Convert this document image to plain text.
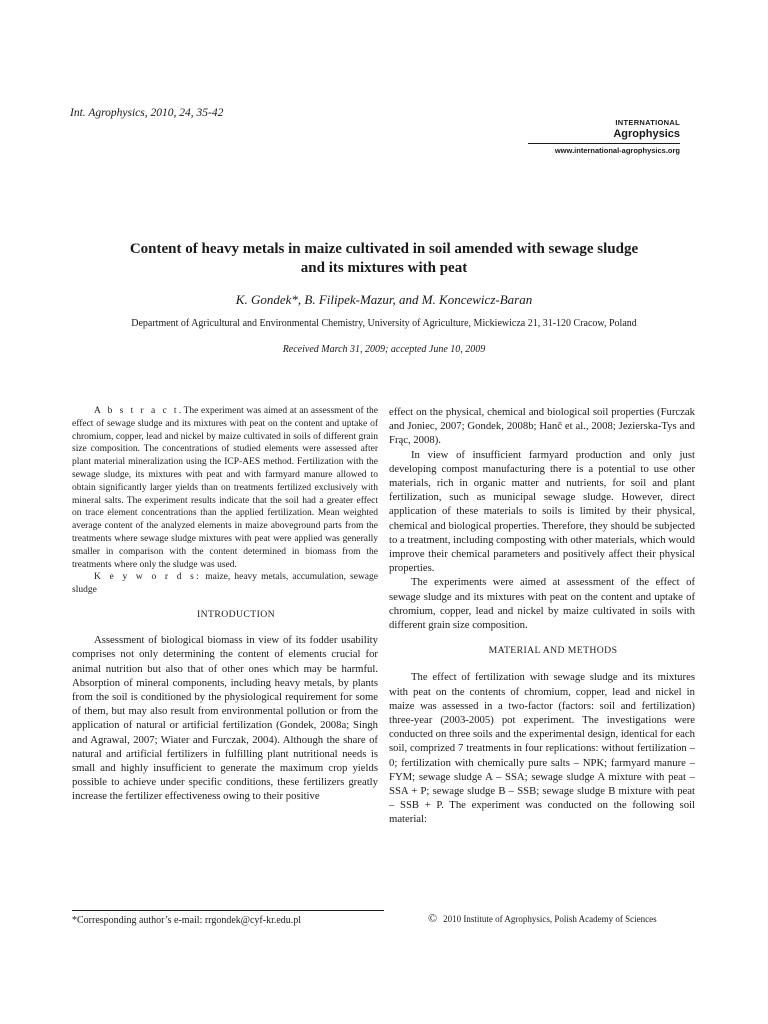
Int. Agrophysics, 2010, 24, 35-42
INTERNATIONAL
Agrophysics
www.international-agrophysics.org
Content of heavy metals in maize cultivated in soil amended with sewage sludge
and its mixtures with peat
K. Gondek*, B. Filipek-Mazur, and M. Koncewicz-Baran
Department of Agricultural and Environmental Chemistry, University of Agriculture, Mickiewicza 21, 31-120 Cracow, Poland
Received March 31, 2009; accepted June 10, 2009

A b s t r a c t.The experiment was aimed at an assessment of the effect of sewage sludge and its mixtures with peat on the content and uptake of chromium, copper, lead and nickel by maize cultivated in soils of different grain size composition. The concentrations of studied elements were assessed after plant material mineralization using the ICP-AES method. Fertilization with the sewage sludge, its mixtures with peat and with farmyard manure allowed to obtain significantly larger yields than on treatments fertilized exclusively with mineral salts. The experiment results indicate that the soil had a greater effect on trace element concentrations than the applied fertilization. Mean weighted average content of the analyzed elements in maize aboveground parts from the treatments where sewage sludge mixtures with peat were applied was generally smaller in comparison with the content determined in biomass from the treatments where only the sludge was used.

K e y w o r d s: maize, heavy metals, accumulation, sewage sludge

INTRODUCTION

Assessment of biological biomass in view of its fodder usability comprises not only determining the content of elements crucial for animal nutrition but also that of other ones which may be harmful. Absorption of mineral components, including heavy metals, by plants from the soil is conditioned by the physiological requirement for some of them, but may also result from environmental pollution or from the application of natural or artificial fertilization (Gondek, 2008a; Singh and Agrawal, 2007; Wiater and Furczak, 2004). Although the share of natural and artificial fertilizers in fulfilling plant nutritional needs is small and highly insufficient to generate the maximum crop yields possible to achieve under specific conditions, these fertilizers greatly increase the fertilizer effectiveness owing to their positive

effect on the physical, chemical and biological soil properties (Furczak and Joniec, 2007; Gondek, 2008b; Hanč et al., 2008; Jezierska-Tys and Frąc, 2008).

In view of insufficient farmyard production and only just developing compost manufacturing there is a potential to use other materials, rich in organic matter and nutrients, for soil and plant fertilization, such as municipal sewage sludge. However, direct application of these materials to soils is limited by their physical, chemical and biological properties. Therefore, they should be subjected to a treatment, including composting with other materials, which would improve their chemical parameters and positively affect their physical properties.

The experiments were aimed at assessment of the effect of sewage sludge and its mixtures with peat on the content and uptake of chromium, copper, lead and nickel by maize cultivated in soils with different grain size composition.

MATERIAL AND METHODS

The effect of fertilization with sewage sludge and its mixtures with peat on the contents of chromium, copper, lead and nickel in maize was assessed in a two-factor (factors: soil and fertilization) three-year (2003-2005) pot experiment. The investigations were conducted on three soils and the experimental design, identical for each soil, comprized 7 treatments in four replications: without fertilization – 0; fertilization with chemically pure salts – NPK; farmyard manure – FYM; sewage sludge A – SSA; sewage sludge A mixture with peat – SSA + P; sewage sludge B – SSB; sewage sludge B mixture with peat – SSB + P. The experiment was conducted on the following soil material:

*Corresponding author’s e-mail: rrgondek@cyf-kr.edu.pl	© 2010 Institute of Agrophysics, Polish Academy of Sciences
